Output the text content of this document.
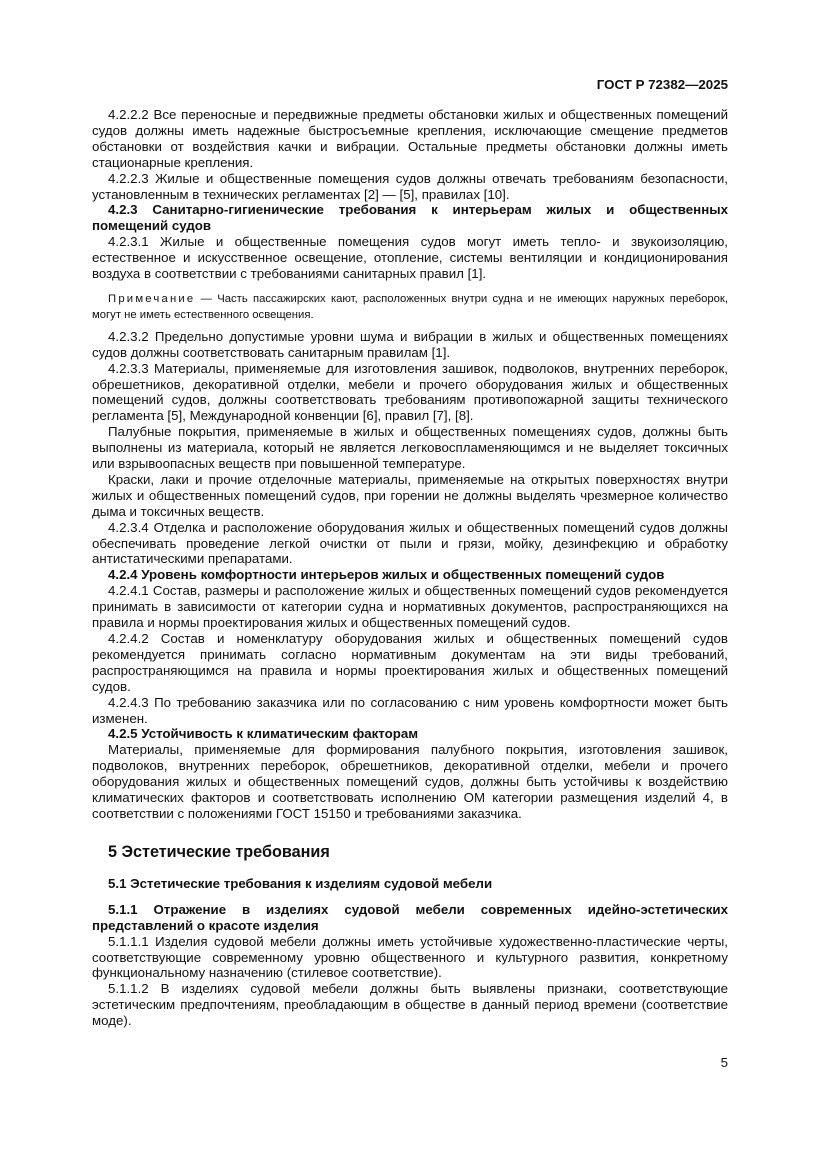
ГОСТ Р 72382—2025

4.2.2.2 Все переносные и передвижные предметы обстановки жилых и общественных помещений судов должны иметь надежные быстросъемные крепления, исключающие смещение предметов обстановки от воздействия качки и вибрации. Остальные предметы обстановки должны иметь стационарные крепления.

4.2.2.3 Жилые и общественные помещения судов должны отвечать требованиям безопасности, установленным в технических регламентах [2] — [5], правилах [10].

4.2.3 Санитарно-гигиенические требования к интерьерам жилых и общественных помещений судов

4.2.3.1 Жилые и общественные помещения судов могут иметь тепло- и звукоизоляцию, естественное и искусственное освещение, отопление, системы вентиляции и кондиционирования воздуха в соответствии с требованиями санитарных правил [1].

Примечание — Часть пассажирских кают, расположенных внутри судна и не имеющих наружных переборок, могут не иметь естественного освещения.

4.2.3.2 Предельно допустимые уровни шума и вибрации в жилых и общественных помещениях судов должны соответствовать санитарным правилам [1].

4.2.3.3 Материалы, применяемые для изготовления зашивок, подволоков, внутренних переборок, обрешетников, декоративной отделки, мебели и прочего оборудования жилых и общественных помещений судов, должны соответствовать требованиям противопожарной защиты технического регламента [5], Международной конвенции [6], правил [7], [8].

Палубные покрытия, применяемые в жилых и общественных помещениях судов, должны быть выполнены из материала, который не является легковоспламеняющимся и не выделяет токсичных или взрывоопасных веществ при повышенной температуре.

Краски, лаки и прочие отделочные материалы, применяемые на открытых поверхностях внутри жилых и общественных помещений судов, при горении не должны выделять чрезмерное количество дыма и токсичных веществ.

4.2.3.4 Отделка и расположение оборудования жилых и общественных помещений судов должны обеспечивать проведение легкой очистки от пыли и грязи, мойку, дезинфекцию и обработку антистатическими препаратами.

4.2.4 Уровень комфортности интерьеров жилых и общественных помещений судов

4.2.4.1 Состав, размеры и расположение жилых и общественных помещений судов рекомендуется принимать в зависимости от категории судна и нормативных документов, распространяющихся на правила и нормы проектирования жилых и общественных помещений судов.

4.2.4.2 Состав и номенклатуру оборудования жилых и общественных помещений судов рекомендуется принимать согласно нормативным документам на эти виды требований, распространяющимся на правила и нормы проектирования жилых и общественных помещений судов.

4.2.4.3 По требованию заказчика или по согласованию с ним уровень комфортности может быть изменен.

4.2.5 Устойчивость к климатическим факторам

Материалы, применяемые для формирования палубного покрытия, изготовления зашивок, подволоков, внутренних переборок, обрешетников, декоративной отделки, мебели и прочего оборудования жилых и общественных помещений судов, должны быть устойчивы к воздействию климатических факторов и соответствовать исполнению ОМ категории размещения изделий 4, в соответствии с положениями ГОСТ 15150 и требованиями заказчика.

5 Эстетические требования

5.1 Эстетические требования к изделиям судовой мебели

5.1.1 Отражение в изделиях судовой мебели современных идейно-эстетических представлений о красоте изделия

5.1.1.1 Изделия судовой мебели должны иметь устойчивые художественно-пластические черты, соответствующие современному уровню общественного и культурного развития, конкретному функциональному назначению (стилевое соответствие).

5.1.1.2 В изделиях судовой мебели должны быть выявлены признаки, соответствующие эстетическим предпочтениям, преобладающим в обществе в данный период времени (соответствие моде).

5
